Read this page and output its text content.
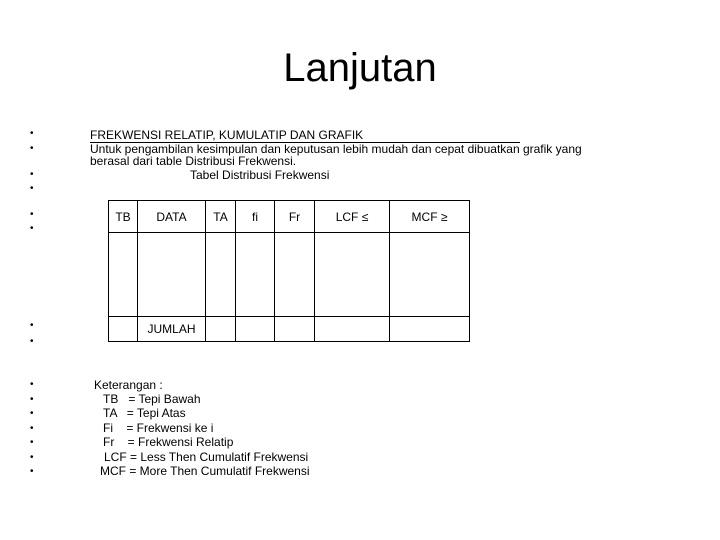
Lanjutan
•
•
•
•
•
•
•
•
•
•
•
•
•
•
•
FREKWENSI RELATIP, KUMULATIP DAN GRAFIK
Untuk pengambilan kesimpulan dan keputusan lebih mudah dan cepat dibuatkan grafik yang
berasal dari table Distribusi Frekwensi.
Tabel Distribusi Frekwensi
TB	DATA	TA	fi	Fr	LCF ≤	MCF ≥

	JUMLAH					
Keterangan :
TB   = Tepi Bawah
TA   = Tepi Atas
Fi    = Frekwensi ke i
Fr    = Frekwensi Relatip
LCF = Less Then Cumulatif Frekwensi
MCF = More Then Cumulatif Frekwensi
